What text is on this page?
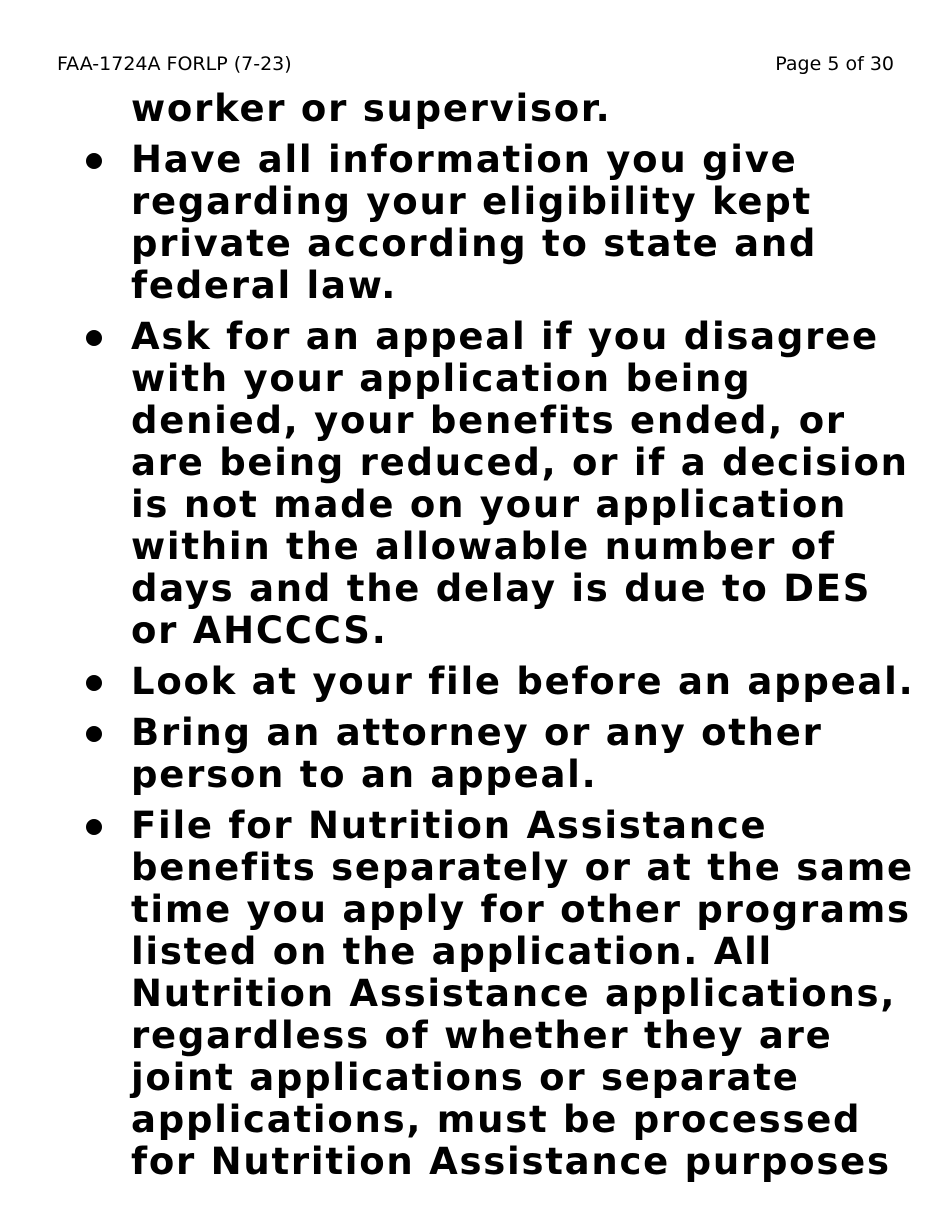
FAA-1724A FORLP (7-23)	Page 5 of 30
worker or supervisor.
Have all information you give
regarding your eligibility kept
private according to state and
federal law.
Ask for an appeal if you disagree
with your application being
denied, your benefits ended, or
are being reduced, or if a decision
is not made on your application
within the allowable number of
days and the delay is due to DES
or AHCCCS.
Look at your file before an appeal.
Bring an attorney or any other
person to an appeal.
File for Nutrition Assistance
benefits separately or at the same
time you apply for other programs
listed on the application. All
Nutrition Assistance applications,
regardless of whether they are
joint applications or separate
applications, must be processed
for Nutrition Assistance purposes
